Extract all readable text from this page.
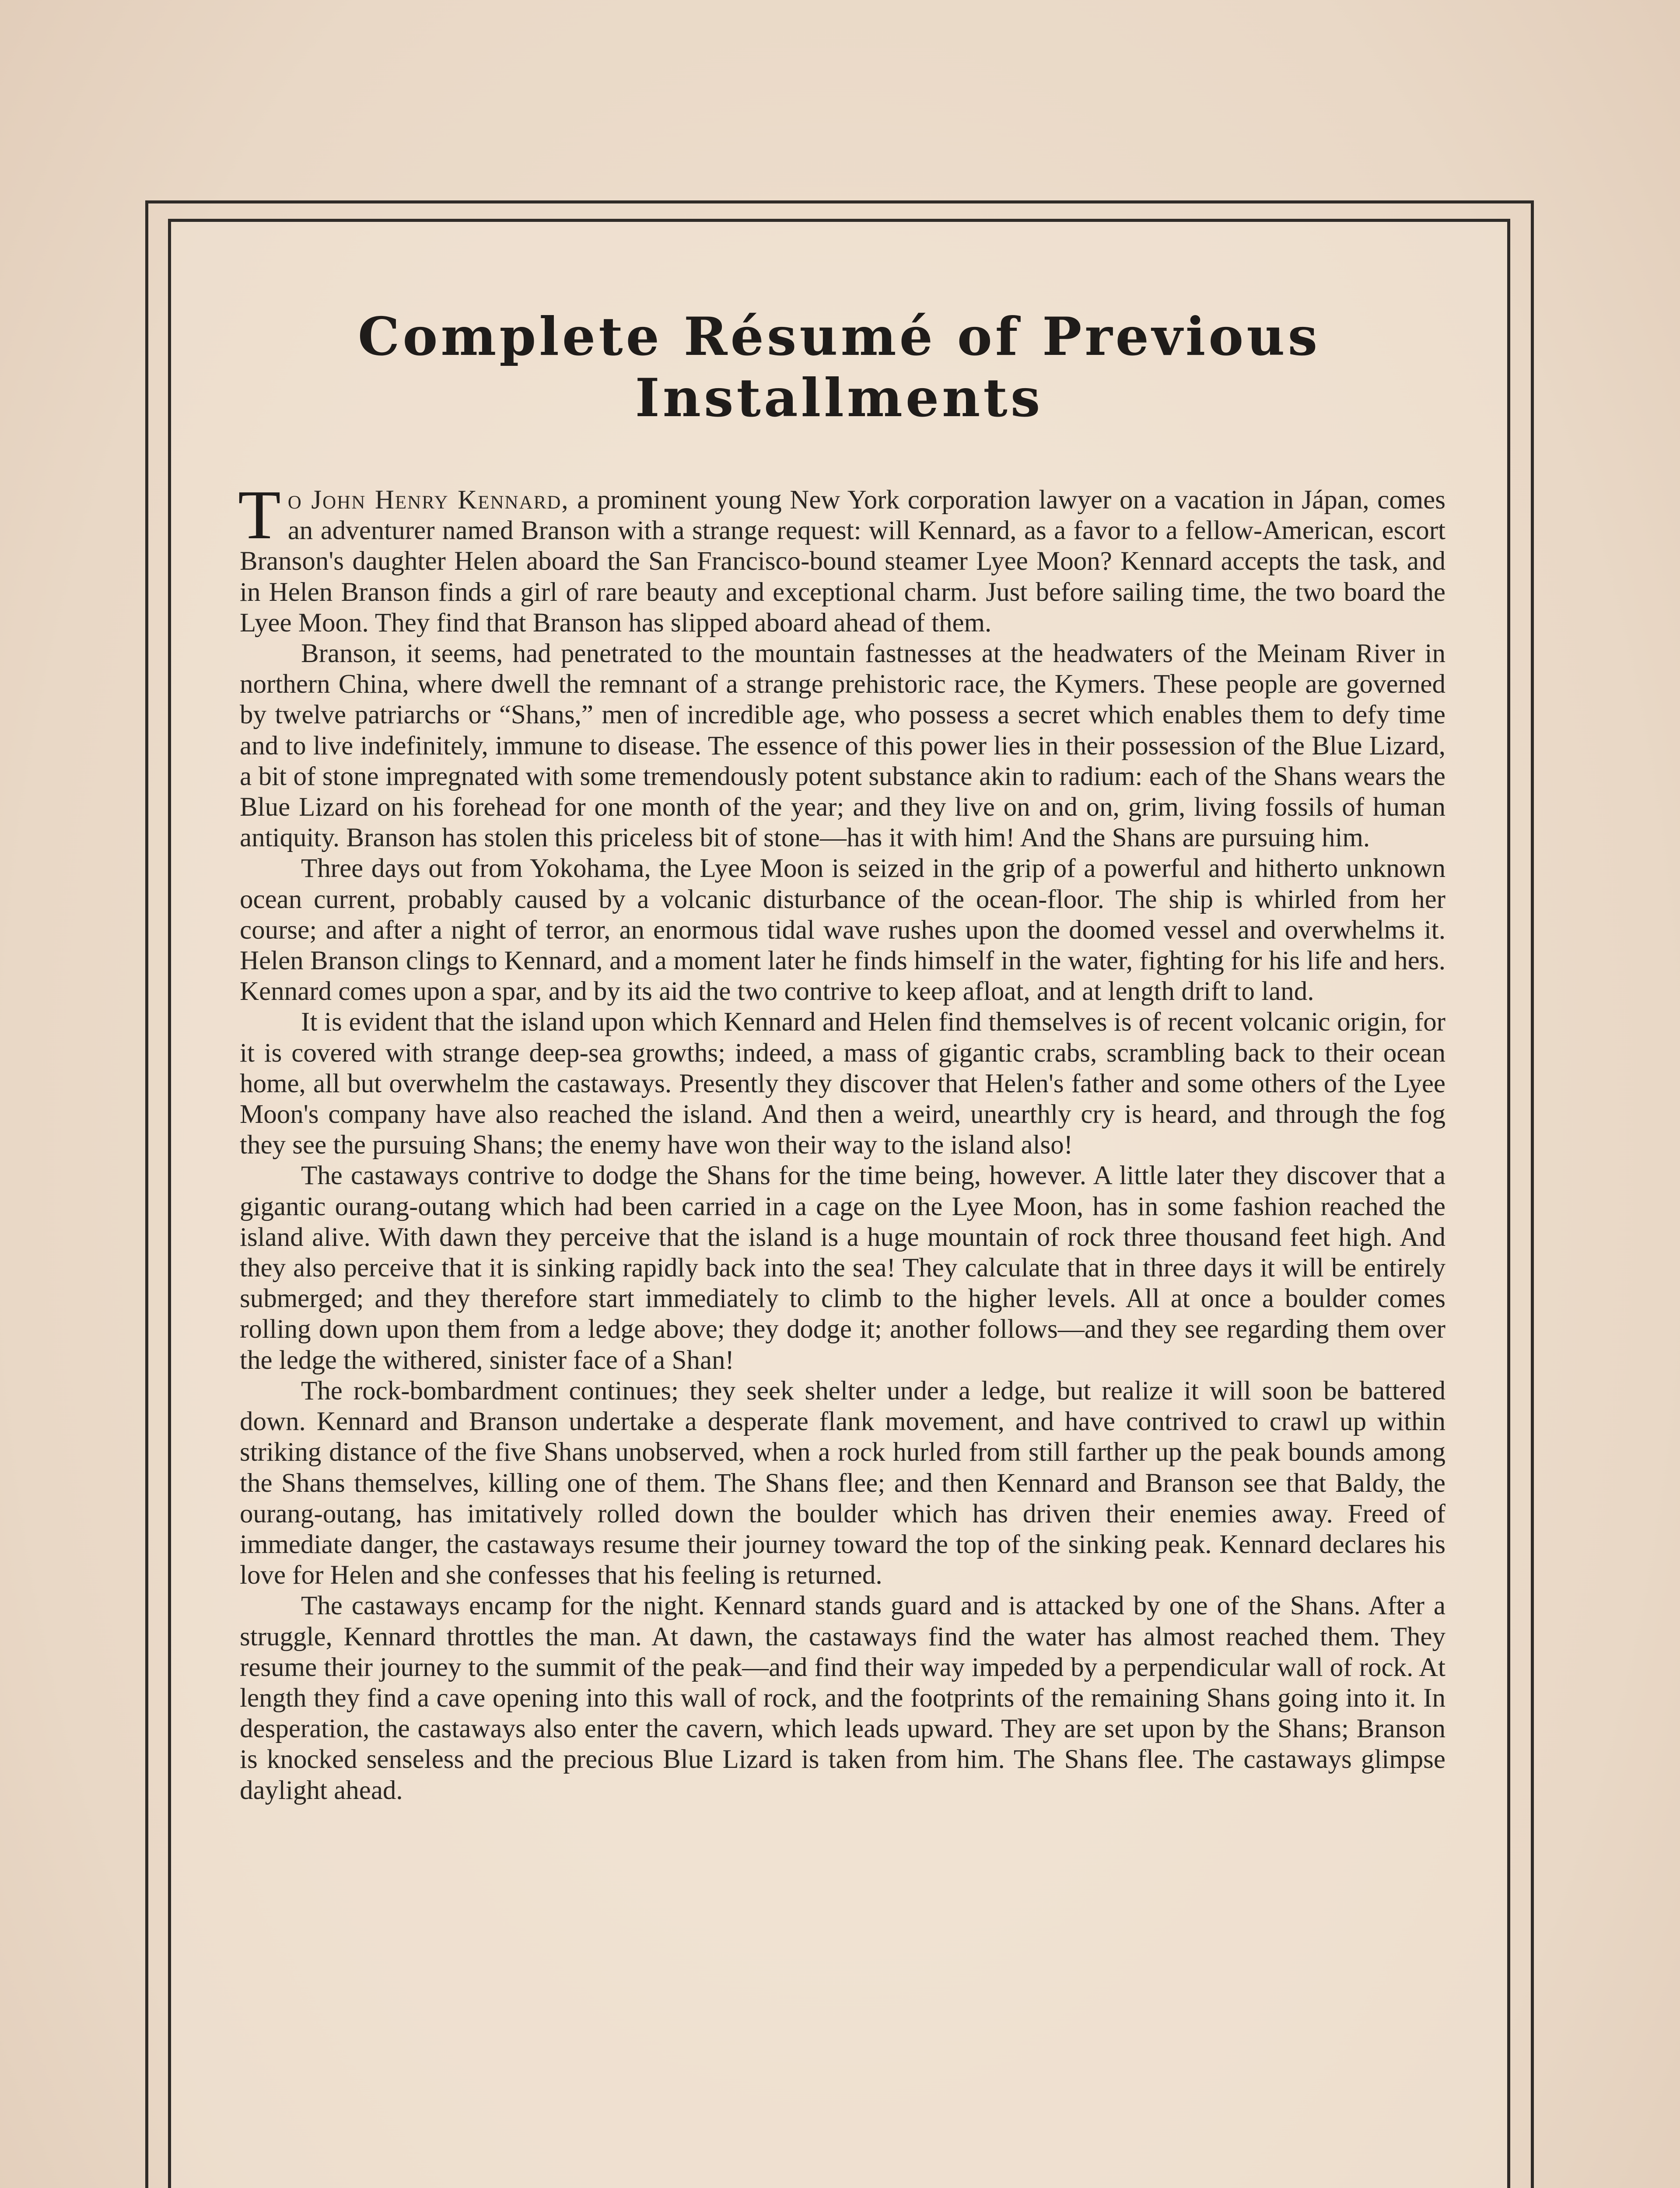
Complete Résumé of Previous Installments

To John Henry Kennard, a prominent young New York corporation lawyer on a vacation in Jápan, comes an adventurer named Branson with a strange request: will Kennard, as a favor to a fellow-American, escort Branson's daughter Helen aboard the San Francisco-bound steamer Lyee Moon? Kennard accepts the task, and in Helen Branson finds a girl of rare beauty and exceptional charm. Just before sailing time, the two board the Lyee Moon. They find that Branson has slipped aboard ahead of them.

Branson, it seems, had penetrated to the mountain fastnesses at the headwaters of the Meinam River in northern China, where dwell the remnant of a strange prehistoric race, the Kymers. These people are governed by twelve patriarchs or “Shans,” men of incredible age, who possess a secret which enables them to defy time and to live indefinitely, immune to disease. The essence of this power lies in their possession of the Blue Lizard, a bit of stone impregnated with some tremendously potent substance akin to radium: each of the Shans wears the Blue Lizard on his forehead for one month of the year; and they live on and on, grim, living fossils of human antiquity. Branson has stolen this priceless bit of stone—has it with him! And the Shans are pursuing him.

Three days out from Yokohama, the Lyee Moon is seized in the grip of a powerful and hitherto unknown ocean current, probably caused by a volcanic disturbance of the ocean-floor. The ship is whirled from her course; and after a night of terror, an enormous tidal wave rushes upon the doomed vessel and overwhelms it. Helen Branson clings to Kennard, and a moment later he finds himself in the water, fighting for his life and hers. Kennard comes upon a spar, and by its aid the two contrive to keep afloat, and at length drift to land.

It is evident that the island upon which Kennard and Helen find themselves is of recent volcanic origin, for it is covered with strange deep-sea growths; indeed, a mass of gigantic crabs, scrambling back to their ocean home, all but overwhelm the castaways. Presently they discover that Helen's father and some others of the Lyee Moon's company have also reached the island. And then a weird, unearthly cry is heard, and through the fog they see the pursuing Shans; the enemy have won their way to the island also!

The castaways contrive to dodge the Shans for the time being, however. A little later they discover that a gigantic ourang-outang which had been carried in a cage on the Lyee Moon, has in some fashion reached the island alive. With dawn they perceive that the island is a huge mountain of rock three thousand feet high. And they also perceive that it is sinking rapidly back into the sea! They calculate that in three days it will be entirely submerged; and they therefore start immediately to climb to the higher levels. All at once a boulder comes rolling down upon them from a ledge above; they dodge it; another follows—and they see regarding them over the ledge the withered, sinister face of a Shan!

The rock-bombardment continues; they seek shelter under a ledge, but realize it will soon be battered down. Kennard and Branson undertake a desperate flank movement, and have contrived to crawl up within striking distance of the five Shans unobserved, when a rock hurled from still farther up the peak bounds among the Shans themselves, killing one of them. The Shans flee; and then Kennard and Branson see that Baldy, the ourang-outang, has imitatively rolled down the boulder which has driven their enemies away. Freed of immediate danger, the castaways resume their journey toward the top of the sinking peak. Kennard declares his love for Helen and she confesses that his feeling is returned.

The castaways encamp for the night. Kennard stands guard and is attacked by one of the Shans. After a struggle, Kennard throttles the man. At dawn, the castaways find the water has almost reached them. They resume their journey to the summit of the peak—and find their way impeded by a perpendicular wall of rock. At length they find a cave opening into this wall of rock, and the footprints of the remaining Shans going into it. In desperation, the castaways also enter the cavern, which leads upward. They are set upon by the Shans; Branson is knocked senseless and the precious Blue Lizard is taken from him. The Shans flee. The castaways glimpse daylight ahead.
